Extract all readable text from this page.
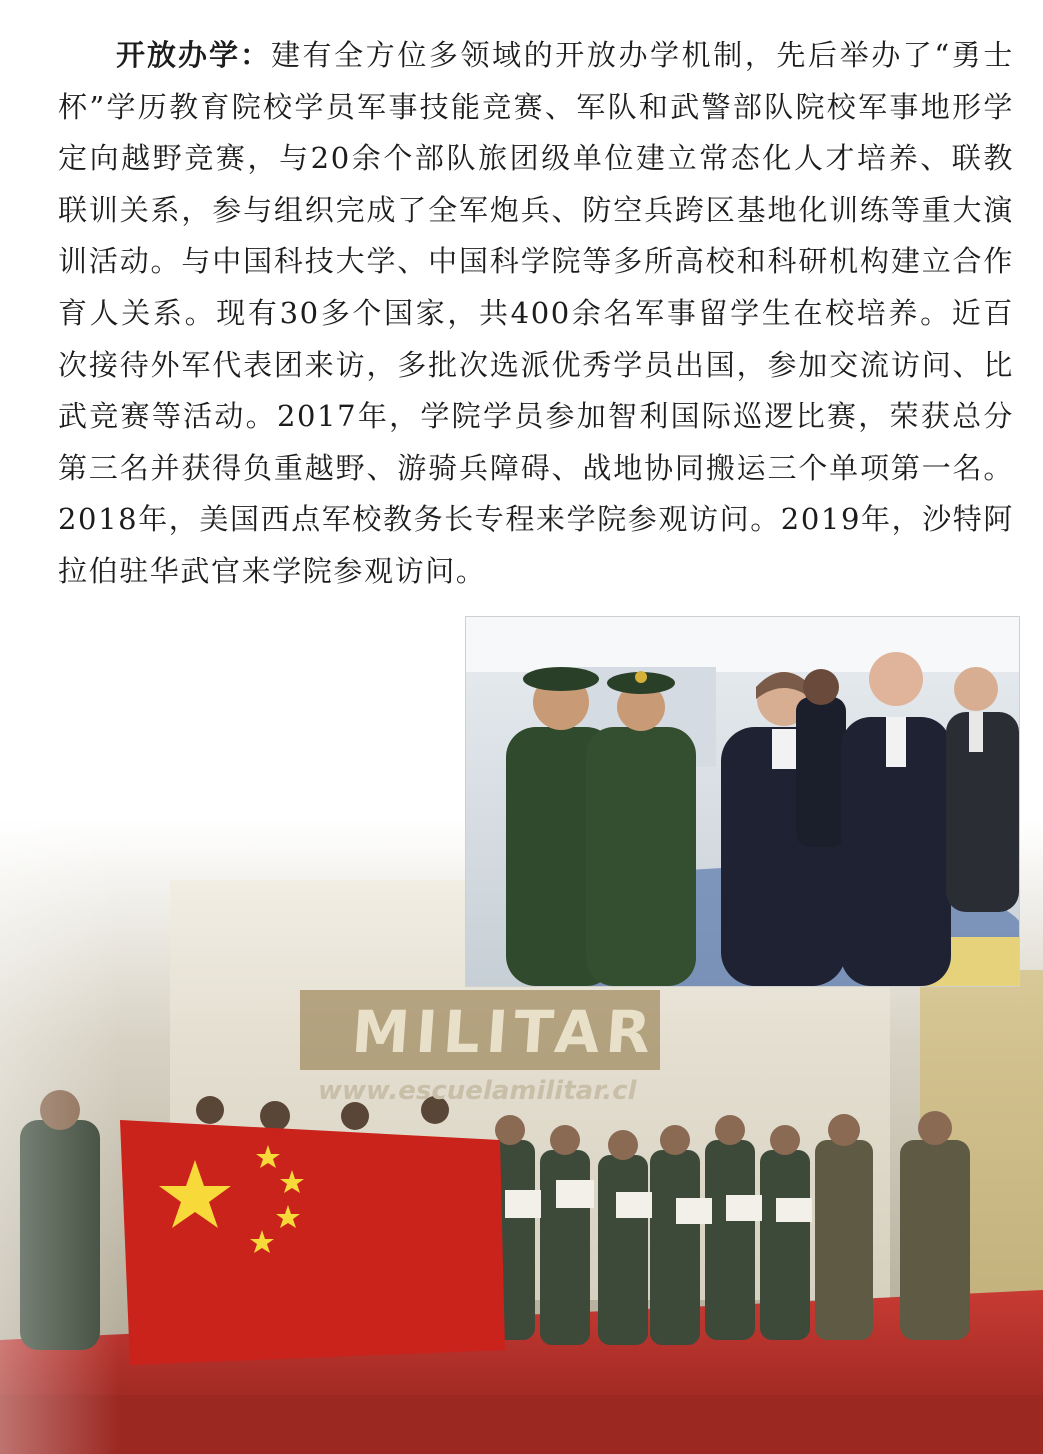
开放办学：建有全方位多领域的开放办学机制，先后举办了“勇士杯”学历教育院校学员军事技能竞赛、军队和武警部队院校军事地形学定向越野竞赛，与20余个部队旅团级单位建立常态化人才培养、联教联训关系，参与组织完成了全军炮兵、防空兵跨区基地化训练等重大演训活动。与中国科技大学、中国科学院等多所高校和科研机构建立合作育人关系。现有30多个国家，共400余名军事留学生在校培养。近百次接待外军代表团来访，多批次选派优秀学员出国，参加交流访问、比武竞赛等活动。2017年，学院学员参加智利国际巡逻比赛，荣获总分第三名并获得负重越野、游骑兵障碍、战地协同搬运三个单项第一名。2018年，美国西点军校教务长专程来学院参观访问。2019年，沙特阿拉伯驻华武官来学院参观访问。

MILITAR
www.escuelamilitar.cl
